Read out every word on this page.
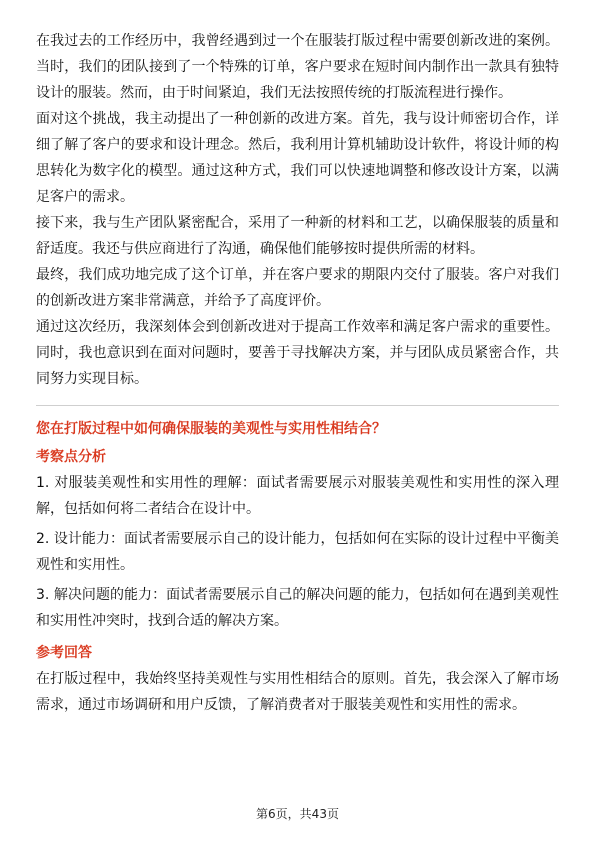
在我过去的工作经历中，我曾经遇到过一个在服装打版过程中需要创新改进的案例。当时，我们的团队接到了一个特殊的订单，客户要求在短时间内制作出一款具有独特设计的服装。然而，由于时间紧迫，我们无法按照传统的打版流程进行操作。

面对这个挑战，我主动提出了一种创新的改进方案。首先，我与设计师密切合作，详细了解了客户的要求和设计理念。然后，我利用计算机辅助设计软件，将设计师的构思转化为数字化的模型。通过这种方式，我们可以快速地调整和修改设计方案，以满足客户的需求。

接下来，我与生产团队紧密配合，采用了一种新的材料和工艺，以确保服装的质量和舒适度。我还与供应商进行了沟通，确保他们能够按时提供所需的材料。

最终，我们成功地完成了这个订单，并在客户要求的期限内交付了服装。客户对我们的创新改进方案非常满意，并给予了高度评价。

通过这次经历，我深刻体会到创新改进对于提高工作效率和满足客户需求的重要性。同时，我也意识到在面对问题时，要善于寻找解决方案，并与团队成员紧密合作，共同努力实现目标。

您在打版过程中如何确保服装的美观性与实用性相结合？

考察点分析

1. 对服装美观性和实用性的理解：面试者需要展示对服装美观性和实用性的深入理解，包括如何将二者结合在设计中。

2. 设计能力：面试者需要展示自己的设计能力，包括如何在实际的设计过程中平衡美观性和实用性。

3. 解决问题的能力：面试者需要展示自己的解决问题的能力，包括如何在遇到美观性和实用性冲突时，找到合适的解决方案。

参考回答

在打版过程中，我始终坚持美观性与实用性相结合的原则。首先，我会深入了解市场需求，通过市场调研和用户反馈，了解消费者对于服装美观性和实用性的需求。

第6页，共43页
